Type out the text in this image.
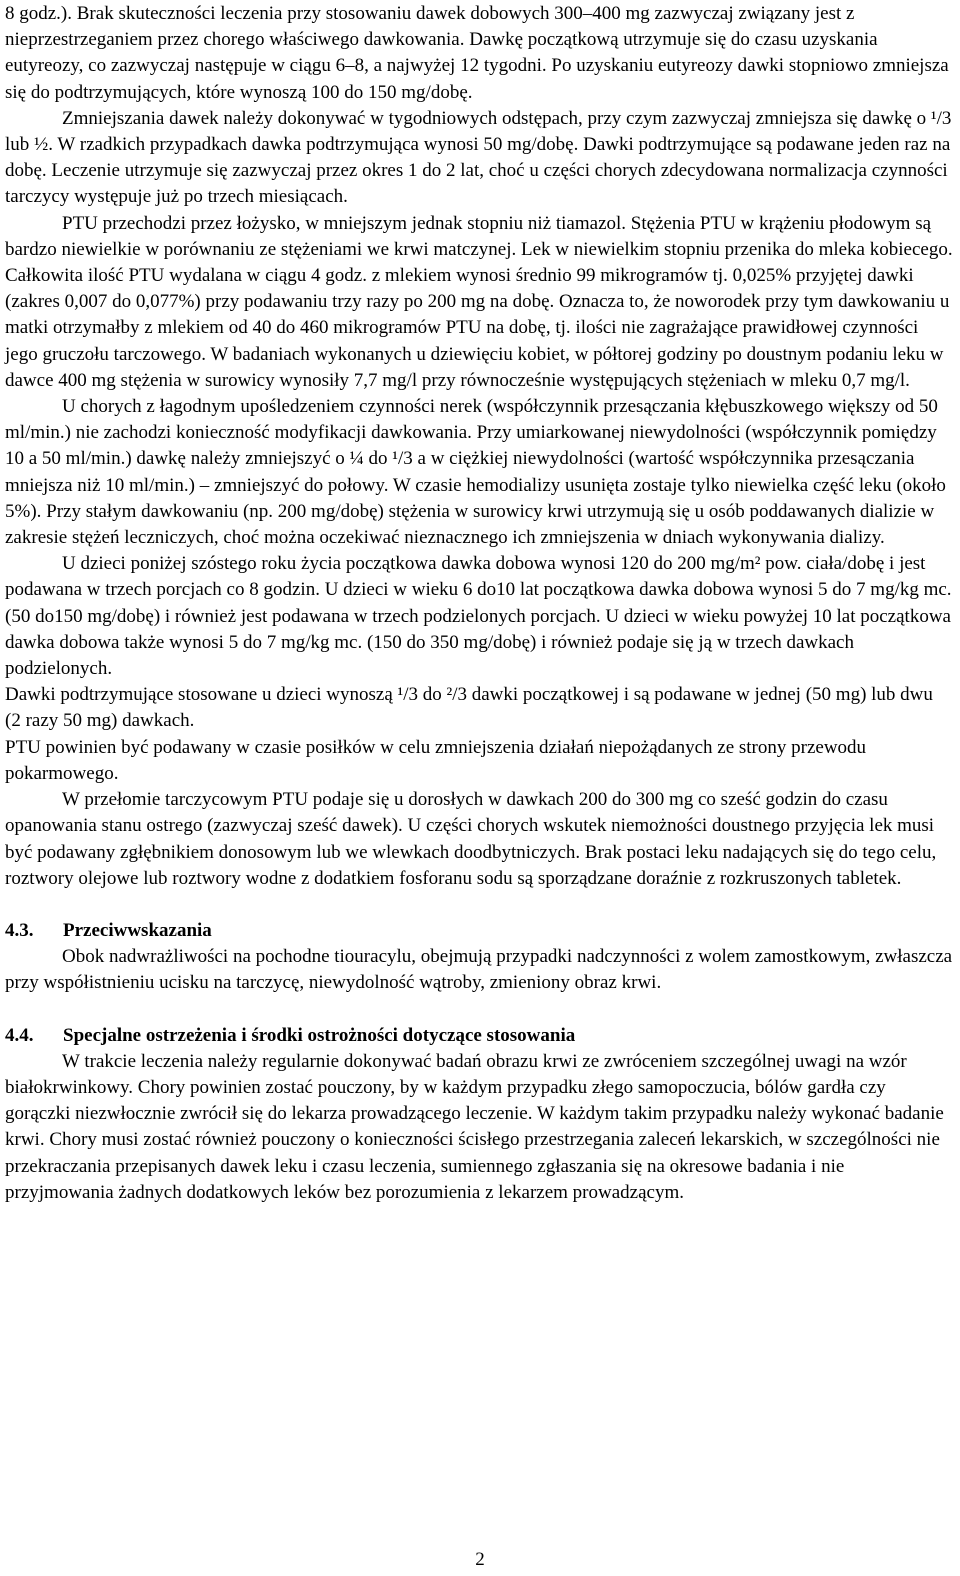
8 godz.). Brak skuteczności leczenia przy stosowaniu dawek dobowych 300–400 mg zazwyczaj związany jest z nieprzestrzeganiem przez chorego właściwego dawkowania. Dawkę początkową utrzymuje się do czasu uzyskania eutyreozy, co zazwyczaj następuje w ciągu 6–8, a najwyżej 12 tygodni. Po uzyskaniu eutyreozy dawki stopniowo zmniejsza się do podtrzymujących, które wynoszą 100 do 150 mg/dobę.

Zmniejszania dawek należy dokonywać w tygodniowych odstępach, przy czym zazwyczaj zmniejsza się dawkę o ¹/3 lub ½. W rzadkich przypadkach dawka podtrzymująca wynosi 50 mg/dobę. Dawki podtrzymujące są podawane jeden raz na dobę. Leczenie utrzymuje się zazwyczaj przez okres 1 do 2 lat, choć u części chorych zdecydowana normalizacja czynności tarczycy występuje już po trzech miesiącach.

PTU przechodzi przez łożysko, w mniejszym jednak stopniu niż tiamazol. Stężenia PTU w krążeniu płodowym są bardzo niewielkie w porównaniu ze stężeniami we krwi matczynej. Lek w niewielkim stopniu przenika do mleka kobiecego. Całkowita ilość PTU wydalana w ciągu 4 godz. z mlekiem wynosi średnio 99 mikrogramów tj. 0,025% przyjętej dawki (zakres 0,007 do 0,077%) przy podawaniu trzy razy po 200 mg na dobę. Oznacza to, że noworodek przy tym dawkowaniu u matki otrzymałby z mlekiem od 40 do 460 mikrogramów PTU na dobę, tj. ilości nie zagrażające prawidłowej czynności jego gruczołu tarczowego. W badaniach wykonanych u dziewięciu kobiet, w półtorej godziny po doustnym podaniu leku w dawce 400 mg stężenia w surowicy wynosiły 7,7 mg/l przy równocześnie występujących stężeniach w mleku 0,7 mg/l.

U chorych z łagodnym upośledzeniem czynności nerek (współczynnik przesączania kłębuszkowego większy od 50 ml/min.) nie zachodzi konieczność modyfikacji dawkowania. Przy umiarkowanej niewydolności (współczynnik pomiędzy 10 a 50 ml/min.) dawkę należy zmniejszyć o ¼ do ¹/3 a w ciężkiej niewydolności (wartość współczynnika przesączania mniejsza niż 10 ml/min.) – zmniejszyć do połowy. W czasie hemodializy usunięta zostaje tylko niewielka część leku (około 5%). Przy stałym dawkowaniu (np. 200 mg/dobę) stężenia w surowicy krwi utrzymują się u osób poddawanych dializie w zakresie stężeń leczniczych, choć można oczekiwać nieznacznego ich zmniejszenia w dniach wykonywania dializy.

U dzieci poniżej szóstego roku życia początkowa dawka dobowa wynosi 120 do 200 mg/m² pow. ciała/dobę i jest podawana w trzech porcjach co 8 godzin. U dzieci w wieku 6 do10 lat początkowa dawka dobowa wynosi 5 do 7 mg/kg mc. (50 do150 mg/dobę) i również jest podawana w trzech podzielonych porcjach. U dzieci w wieku powyżej 10 lat początkowa dawka dobowa także wynosi 5 do 7 mg/kg mc. (150 do 350 mg/dobę) i również podaje się ją w trzech dawkach podzielonych.

Dawki podtrzymujące stosowane u dzieci wynoszą ¹/3 do ²/3 dawki początkowej i są podawane w jednej (50 mg) lub dwu (2 razy 50 mg) dawkach.

PTU powinien być podawany w czasie posiłków w celu zmniejszenia działań niepożądanych ze strony przewodu pokarmowego.

W przełomie tarczycowym PTU podaje się u dorosłych w dawkach 200 do 300 mg co sześć godzin do czasu opanowania stanu ostrego (zazwyczaj sześć dawek). U części chorych wskutek niemożności doustnego przyjęcia lek musi być podawany zgłębnikiem donosowym lub we wlewkach doodbytniczych. Brak postaci leku nadających się do tego celu, roztwory olejowe lub roztwory wodne z dodatkiem fosforanu sodu są sporządzane doraźnie z rozkruszonych tabletek.

4.3.	Przeciwwskazania

Obok nadwrażliwości na pochodne tiouracylu, obejmują przypadki nadczynności z wolem zamostkowym, zwłaszcza przy współistnieniu ucisku na tarczycę, niewydolność wątroby, zmieniony obraz krwi.

4.4.	Specjalne ostrzeżenia i środki ostrożności dotyczące stosowania

W trakcie leczenia należy regularnie dokonywać badań obrazu krwi ze zwróceniem szczególnej uwagi na wzór białokrwinkowy. Chory powinien zostać pouczony, by w każdym przypadku złego samopoczucia, bólów gardła czy gorączki niezwłocznie zwrócił się do lekarza prowadzącego leczenie. W każdym takim przypadku należy wykonać badanie krwi. Chory musi zostać również pouczony o konieczności ścisłego przestrzegania zaleceń lekarskich, w szczególności nie przekraczania przepisanych dawek leku i czasu leczenia, sumiennego zgłaszania się na okresowe badania i nie przyjmowania żadnych dodatkowych leków bez porozumienia z lekarzem prowadzącym.

2
